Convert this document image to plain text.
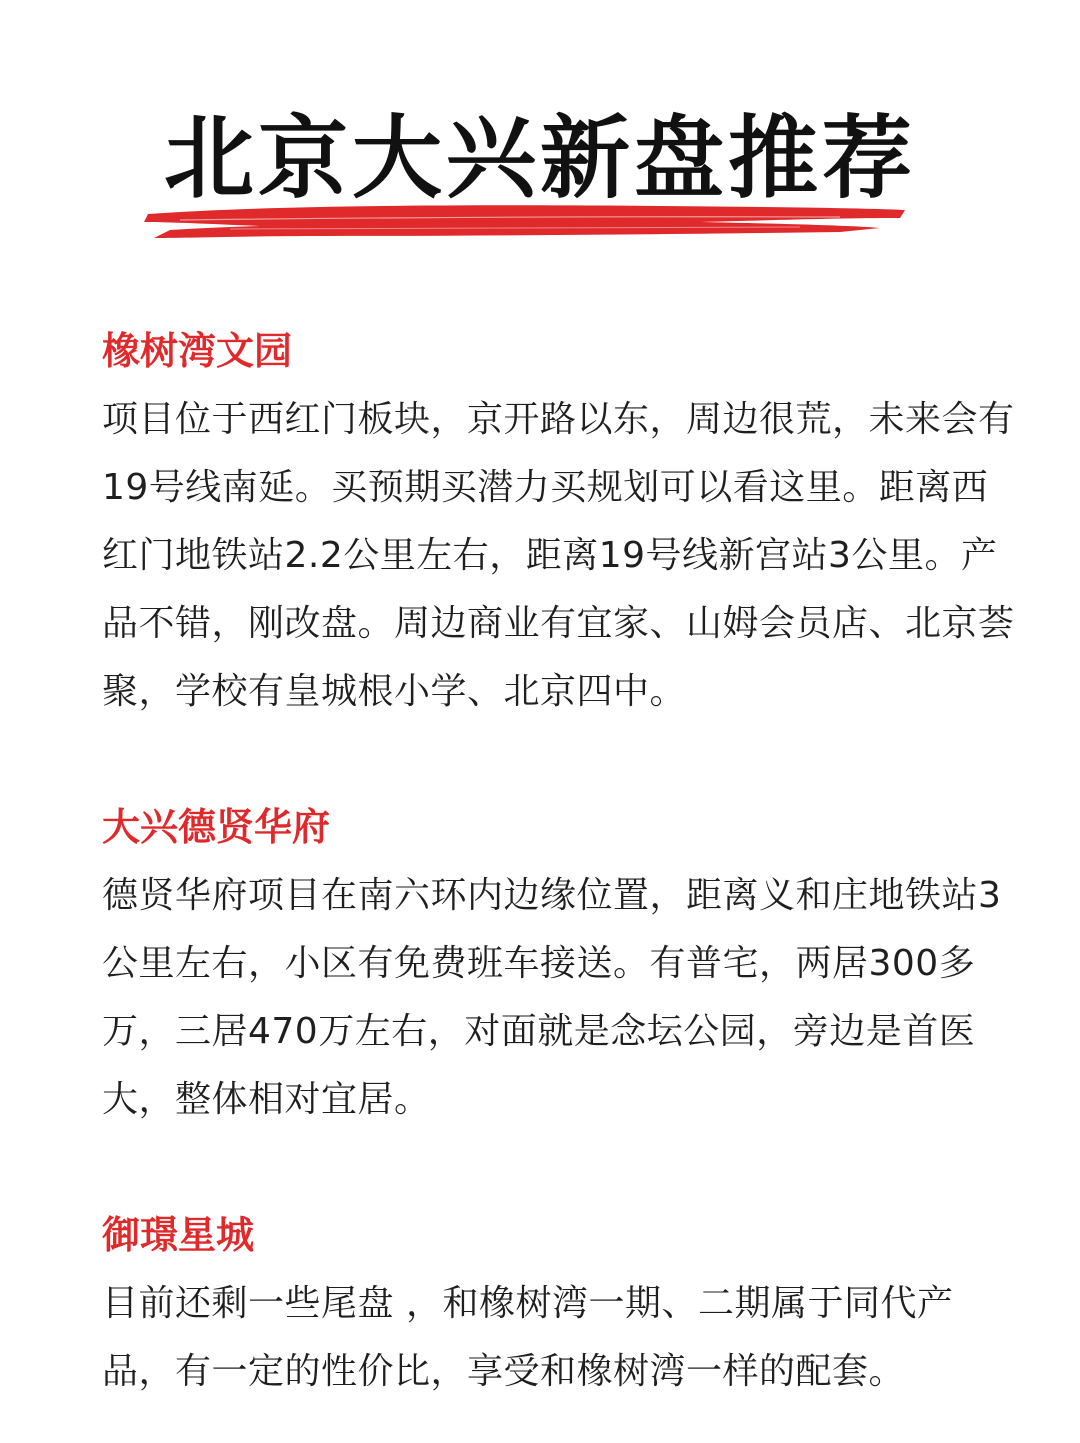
北京大兴新盘推荐
橡树湾文园

项目位于西红门板块，京开路以东，周边很荒，未来会有19号线南延。买预期买潜力买规划可以看这里。距离西红门地铁站2.2公里左右，距离19号线新宫站3公里。产品不错，刚改盘。周边商业有宜家、山姆会员店、北京荟聚，学校有皇城根小学、北京四中。

大兴德贤华府

德贤华府项目在南六环内边缘位置，距离义和庄地铁站3公里左右，小区有免费班车接送。有普宅，两居300多万，三居470万左右，对面就是念坛公园，旁边是首医大，整体相对宜居。

御璟星城

目前还剩一些尾盘 ，和橡树湾一期、二期属于同代产品，有一定的性价比，享受和橡树湾一样的配套。
